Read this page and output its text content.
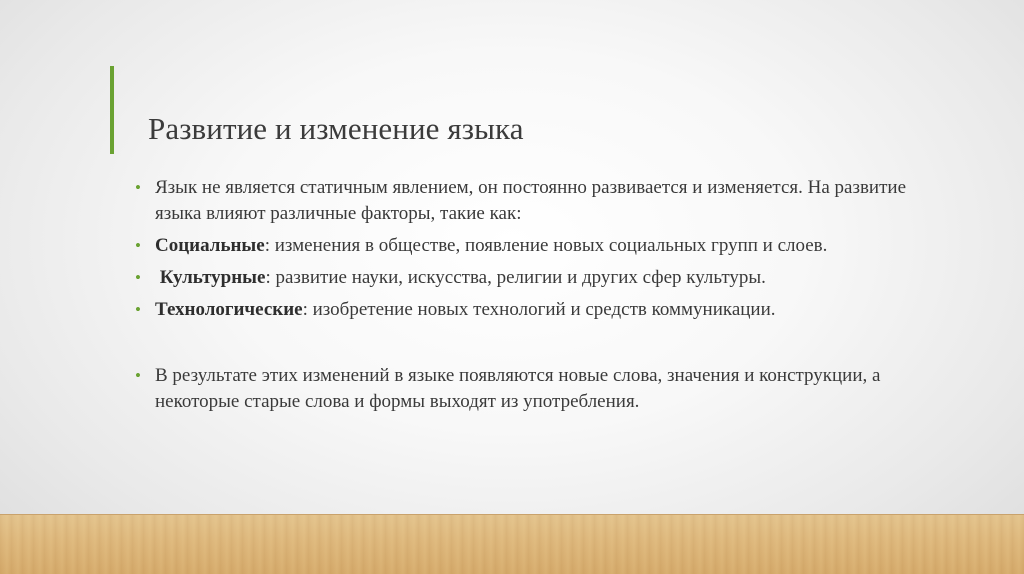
Развитие и изменение языка
• Язык не является статичным явлением, он постоянно развивается и изменяется. На развитие языка влияют различные факторы, такие как:
• Социальные: изменения в обществе, появление новых социальных групп и слоев.
• Культурные: развитие науки, искусства, религии и других сфер культуры.
• Технологические: изобретение новых технологий и средств коммуникации.
• В результате этих изменений в языке появляются новые слова, значения и конструкции, а некоторые старые слова и формы выходят из употребления.
